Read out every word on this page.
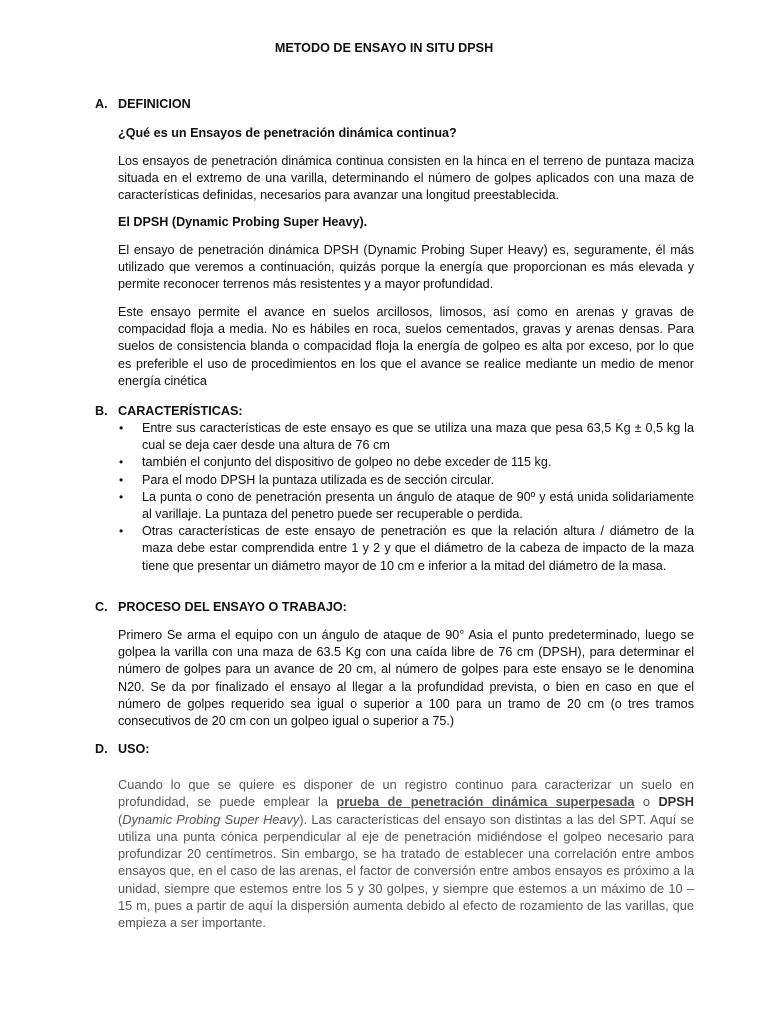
METODO DE ENSAYO IN SITU DPSH
A. DEFINICION
¿Qué es un Ensayos de penetración dinámica continua?
Los ensayos de penetración dinámica continua consisten en la hinca en el terreno de puntaza maciza situada en el extremo de una varilla, determinando el número de golpes aplicados con una maza de características definidas, necesarios para avanzar una longitud preestablecida.
El DPSH (Dynamic Probing Super Heavy).
El ensayo de penetración dinámica DPSH (Dynamic Probing Super Heavy) es, seguramente, él más utilizado que veremos a continuación, quizás porque la energía que proporcionan es más elevada y permite reconocer terrenos más resistentes y a mayor profundidad.
Este ensayo permite el avance en suelos arcillosos, limosos, así como en arenas y gravas de compacidad floja a media. No es hábiles en roca, suelos cementados, gravas y arenas densas. Para suelos de consistencia blanda o compacidad floja la energía de golpeo es alta por exceso, por lo que es preferible el uso de procedimientos en los que el avance se realice mediante un medio de menor energía cinética
B. CARACTERÍSTICAS:
• Entre sus características de este ensayo es que se utiliza una maza que pesa 63,5 Kg ± 0,5 kg la cual se deja caer desde una altura de 76 cm
• también el conjunto del dispositivo de golpeo no debe exceder de 115 kg.
• Para el modo DPSH la puntaza utilizada es de sección circular.
• La punta o cono de penetración presenta un ángulo de ataque de 90º y está unida solidariamente al varillaje. La puntaza del penetro puede ser recuperable o perdida.
• Otras características de este ensayo de penetración es que la relación altura / diámetro de la maza debe estar comprendida entre 1 y 2 y que el diámetro de la cabeza de impacto de la maza tiene que presentar un diámetro mayor de 10 cm e inferior a la mitad del diámetro de la masa.
C. PROCESO DEL ENSAYO O TRABAJO:
Primero Se arma el equipo con un ángulo de ataque de 90° Asia el punto predeterminado, luego se golpea la varilla con una maza de 63.5 Kg con una caída libre de 76 cm (DPSH), para determinar el número de golpes para un avance de 20 cm, al número de golpes para este ensayo se le denomina N20. Se da por finalizado el ensayo al llegar a la profundidad prevista, o bien en caso en que el número de golpes requerido sea igual o superior a 100 para un tramo de 20 cm (o tres tramos consecutivos de 20 cm con un golpeo igual o superior a 75.)
D. USO:
Cuando lo que se quiere es disponer de un registro continuo para caracterizar un suelo en profundidad, se puede emplear la prueba de penetración dinámica superpesada o DPSH (Dynamic Probing Super Heavy). Las características del ensayo son distintas a las del SPT. Aquí se utiliza una punta cónica perpendicular al eje de penetración midiéndose el golpeo necesario para profundizar 20 centímetros. Sin embargo, se ha tratado de establecer una correlación entre ambos ensayos que, en el caso de las arenas, el factor de conversión entre ambos ensayos es próximo a la unidad, siempre que estemos entre los 5 y 30 golpes, y siempre que estemos a un máximo de 10 – 15 m, pues a partir de aquí la dispersión aumenta debido al efecto de rozamiento de las varillas, que empieza a ser importante.
